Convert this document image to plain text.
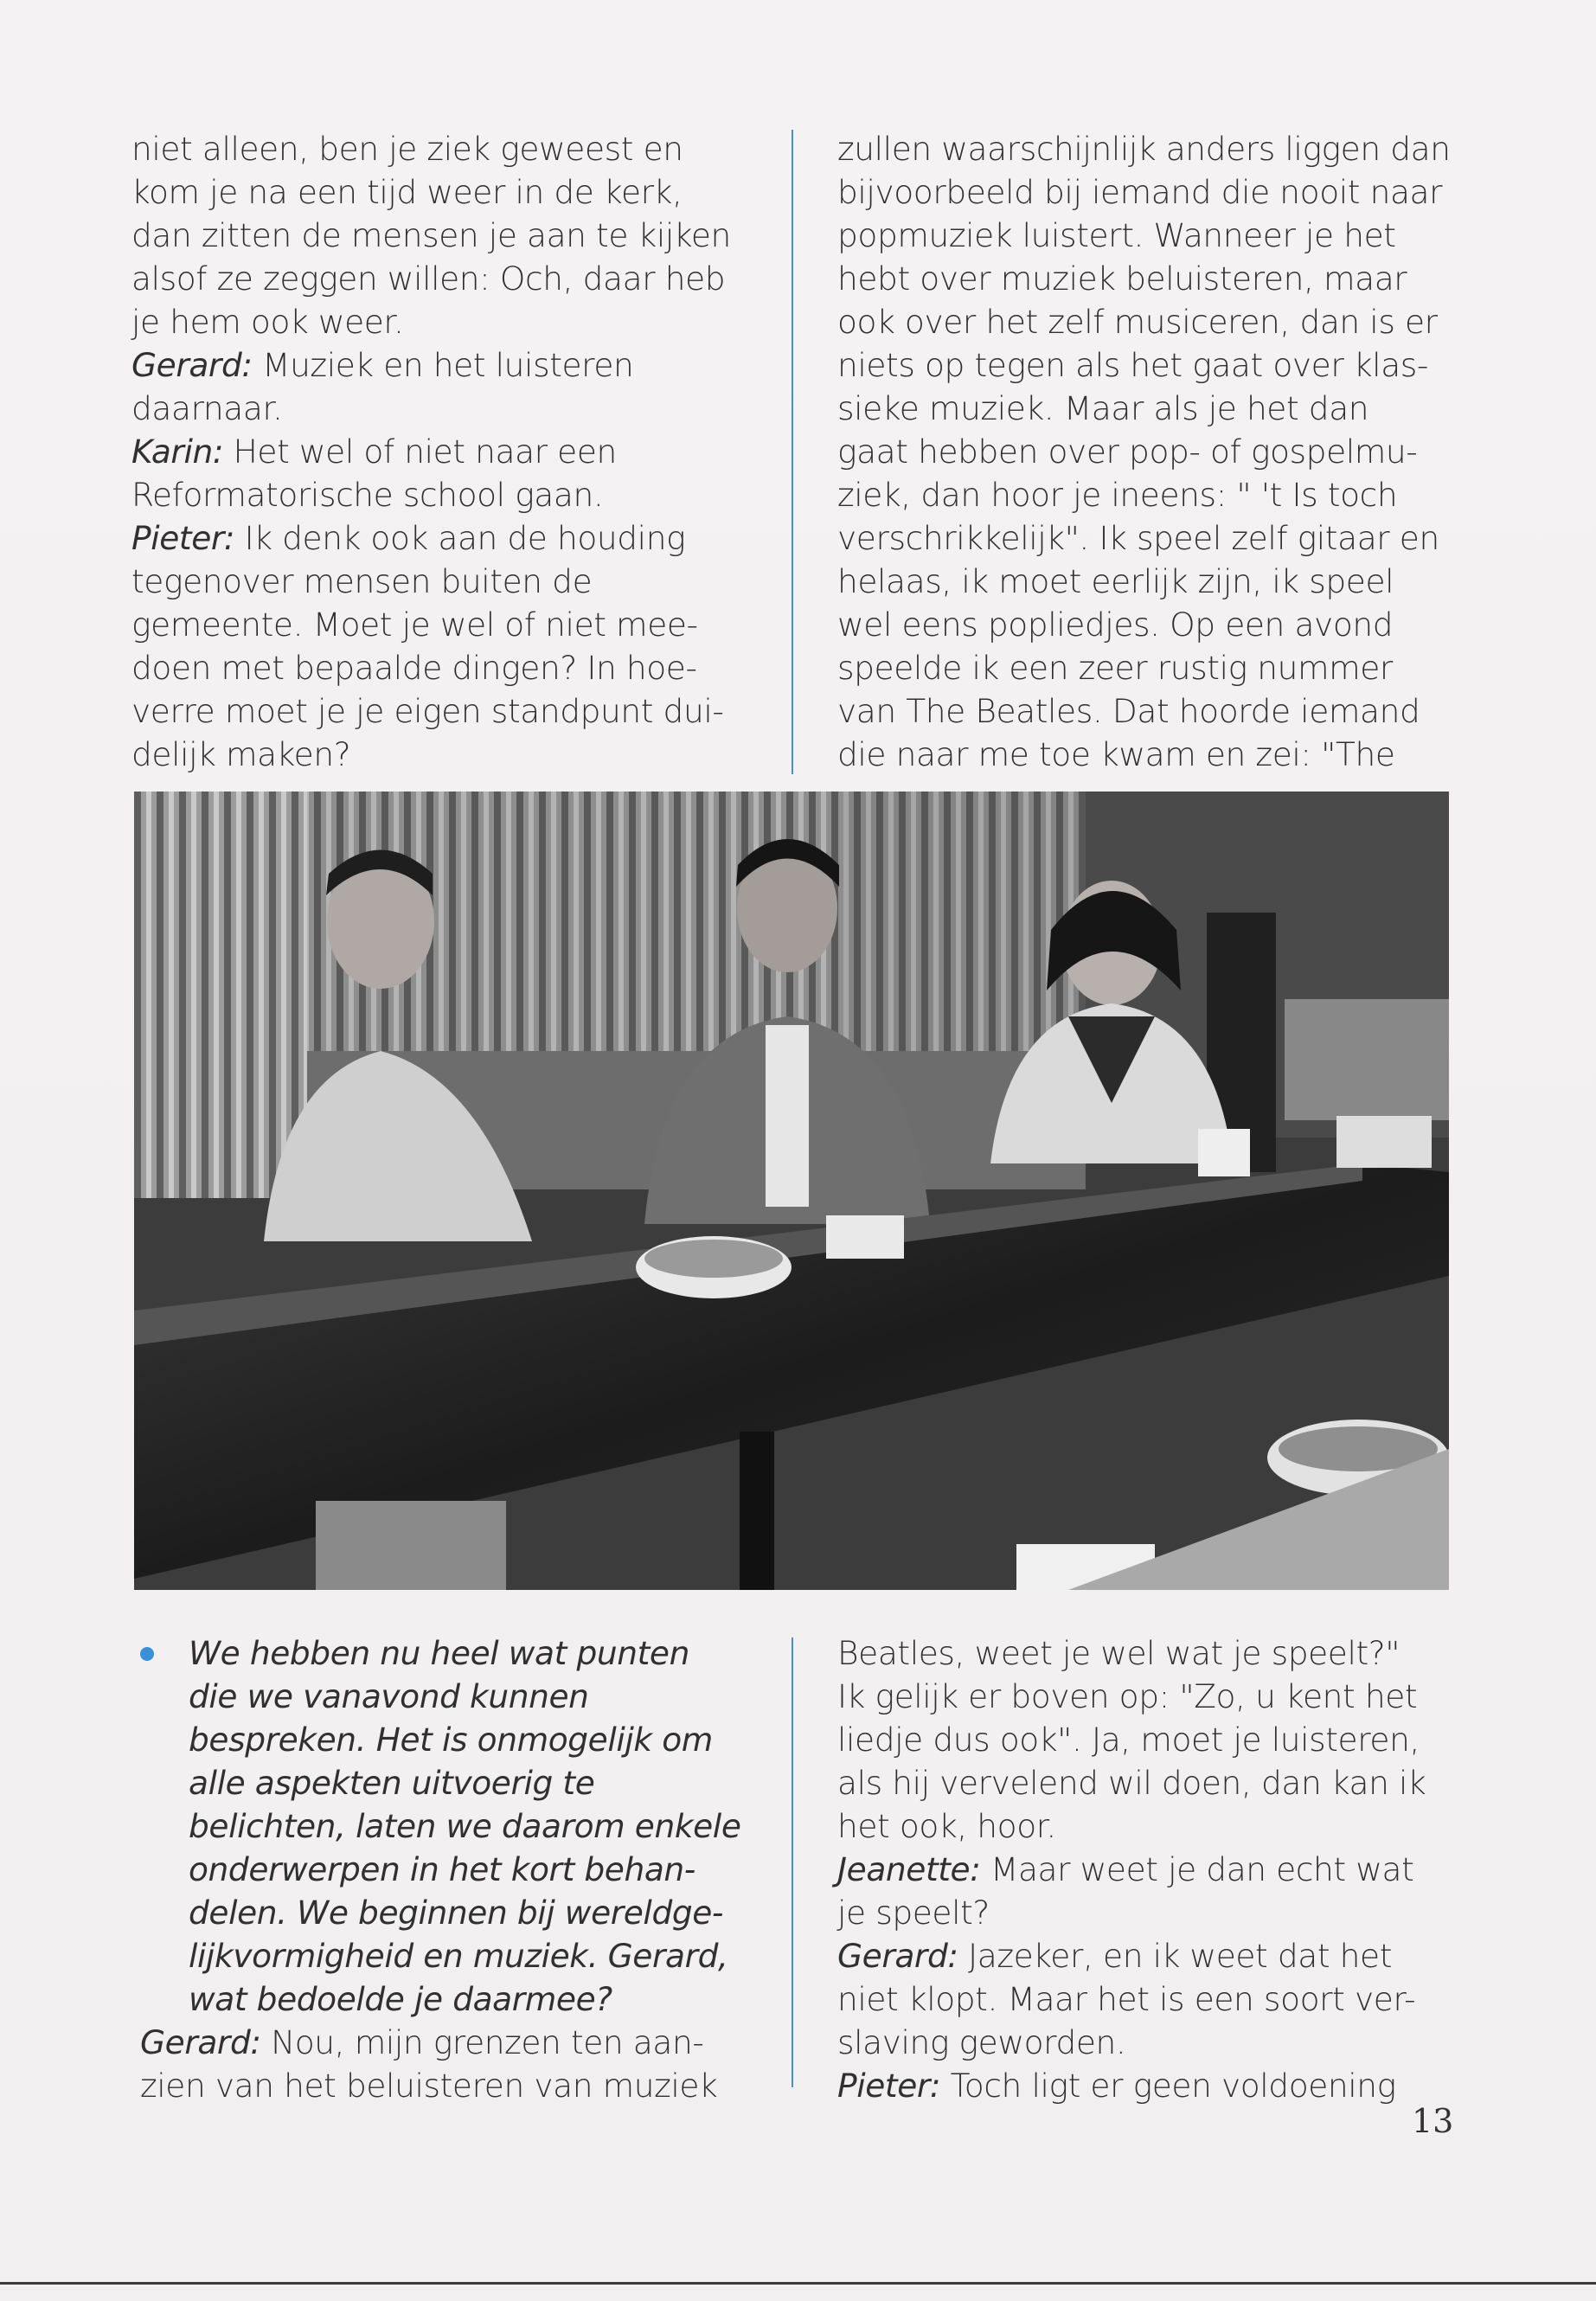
niet alleen, ben je ziek geweest en

kom je na een tijd weer in de kerk,

dan zitten de mensen je aan te kijken

alsof ze zeggen willen: Och, daar heb

je hem ook weer.

Gerard: Muziek en het luisteren

daarnaar.

Karin: Het wel of niet naar een

Reformatorische school gaan.

Pieter: Ik denk ook aan de houding

tegenover mensen buiten de

gemeente. Moet je wel of niet mee-

doen met bepaalde dingen? In hoe-

verre moet je je eigen standpunt dui-

delijk maken?

zullen waarschijnlijk anders liggen dan

bijvoorbeeld bij iemand die nooit naar

popmuziek luistert. Wanneer je het

hebt over muziek beluisteren, maar

ook over het zelf musiceren, dan is er

niets op tegen als het gaat over klas-

sieke muziek. Maar als je het dan

gaat hebben over pop- of gospelmu-

ziek, dan hoor je ineens: " 't Is toch

verschrikkelijk". Ik speel zelf gitaar en

helaas, ik moet eerlijk zijn, ik speel

wel eens popliedjes. Op een avond

speelde ik een zeer rustig nummer

van The Beatles. Dat hoorde iemand

die naar me toe kwam en zei: "The

We hebben nu heel wat punten

die we vanavond kunnen

bespreken. Het is onmogelijk om

alle aspekten uitvoerig te

belichten, laten we daarom enkele

onderwerpen in het kort behan-

delen. We beginnen bij wereldge-

lijkvormigheid en muziek. Gerard,

wat bedoelde je daarmee?

Gerard: Nou, mijn grenzen ten aan-

zien van het beluisteren van muziek

Beatles, weet je wel wat je speelt?"

Ik gelijk er boven op: "Zo, u kent het

liedje dus ook". Ja, moet je luisteren,

als hij vervelend wil doen, dan kan ik

het ook, hoor.

Jeanette: Maar weet je dan echt wat

je speelt?

Gerard: Jazeker, en ik weet dat het

niet klopt. Maar het is een soort ver-

slaving geworden.

Pieter: Toch ligt er geen voldoening

13
